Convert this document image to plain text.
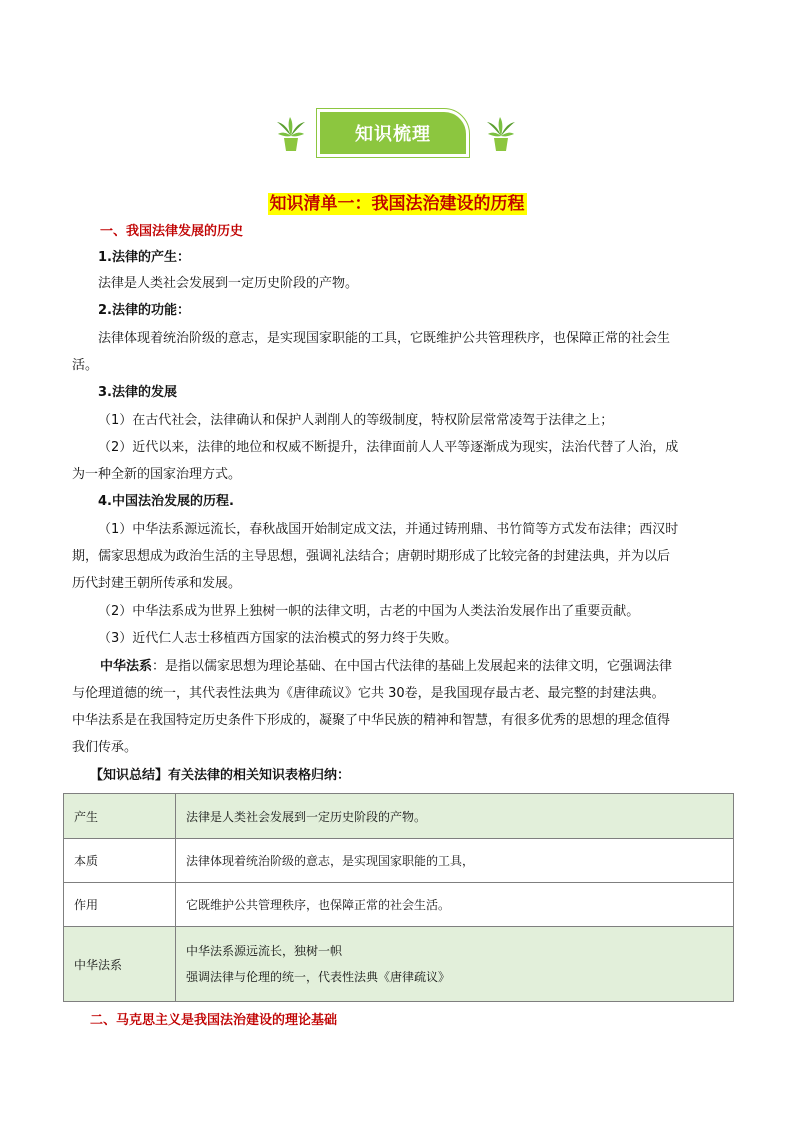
知识梳理
知识清单一：我国法治建设的历程
一、我国法律发展的历史
1.法律的产生：
法律是人类社会发展到一定历史阶段的产物。
2.法律的功能：
法律体现着统治阶级的意志，是实现国家职能的工具，它既维护公共管理秩序，也保障正常的社会生
活。
3.法律的发展
（1）在古代社会，法律确认和保护人剥削人的等级制度，特权阶层常常凌驾于法律之上；
（2）近代以来，法律的地位和权威不断提升，法律面前人人平等逐渐成为现实，法治代替了人治，成
为一种全新的国家治理方式。
4.中国法治发展的历程.
（1）中华法系源远流长，春秋战国开始制定成文法，并通过铸刑鼎、书竹简等方式发布法律；西汉时
期，儒家思想成为政治生活的主导思想，强调礼法结合；唐朝时期形成了比较完备的封建法典，并为以后
历代封建王朝所传承和发展。
（2）中华法系成为世界上独树一帜的法律文明，古老的中国为人类法治发展作出了重要贡献。
（3）近代仁人志士移植西方国家的法治模式的努力终于失败。
中华法系：是指以儒家思想为理论基础、在中国古代法律的基础上发展起来的法律文明，它强调法律
与伦理道德的统一，其代表性法典为《唐律疏议》它共 30卷，是我国现存最古老、最完整的封建法典。
中华法系是在我国特定历史条件下形成的，凝聚了中华民族的精神和智慧，有很多优秀的思想的理念值得
我们传承。
【知识总结】有关法律的相关知识表格归纳：
产生	法律是人类社会发展到一定历史阶段的产物。
本质	法律体现着统治阶级的意志，是实现国家职能的工具，
作用	它既维护公共管理秩序，也保障正常的社会生活。
中华法系	中华法系源远流长，独树一帜
强调法律与伦理的统一，代表性法典《唐律疏议》
二、马克思主义是我国法治建设的理论基础
